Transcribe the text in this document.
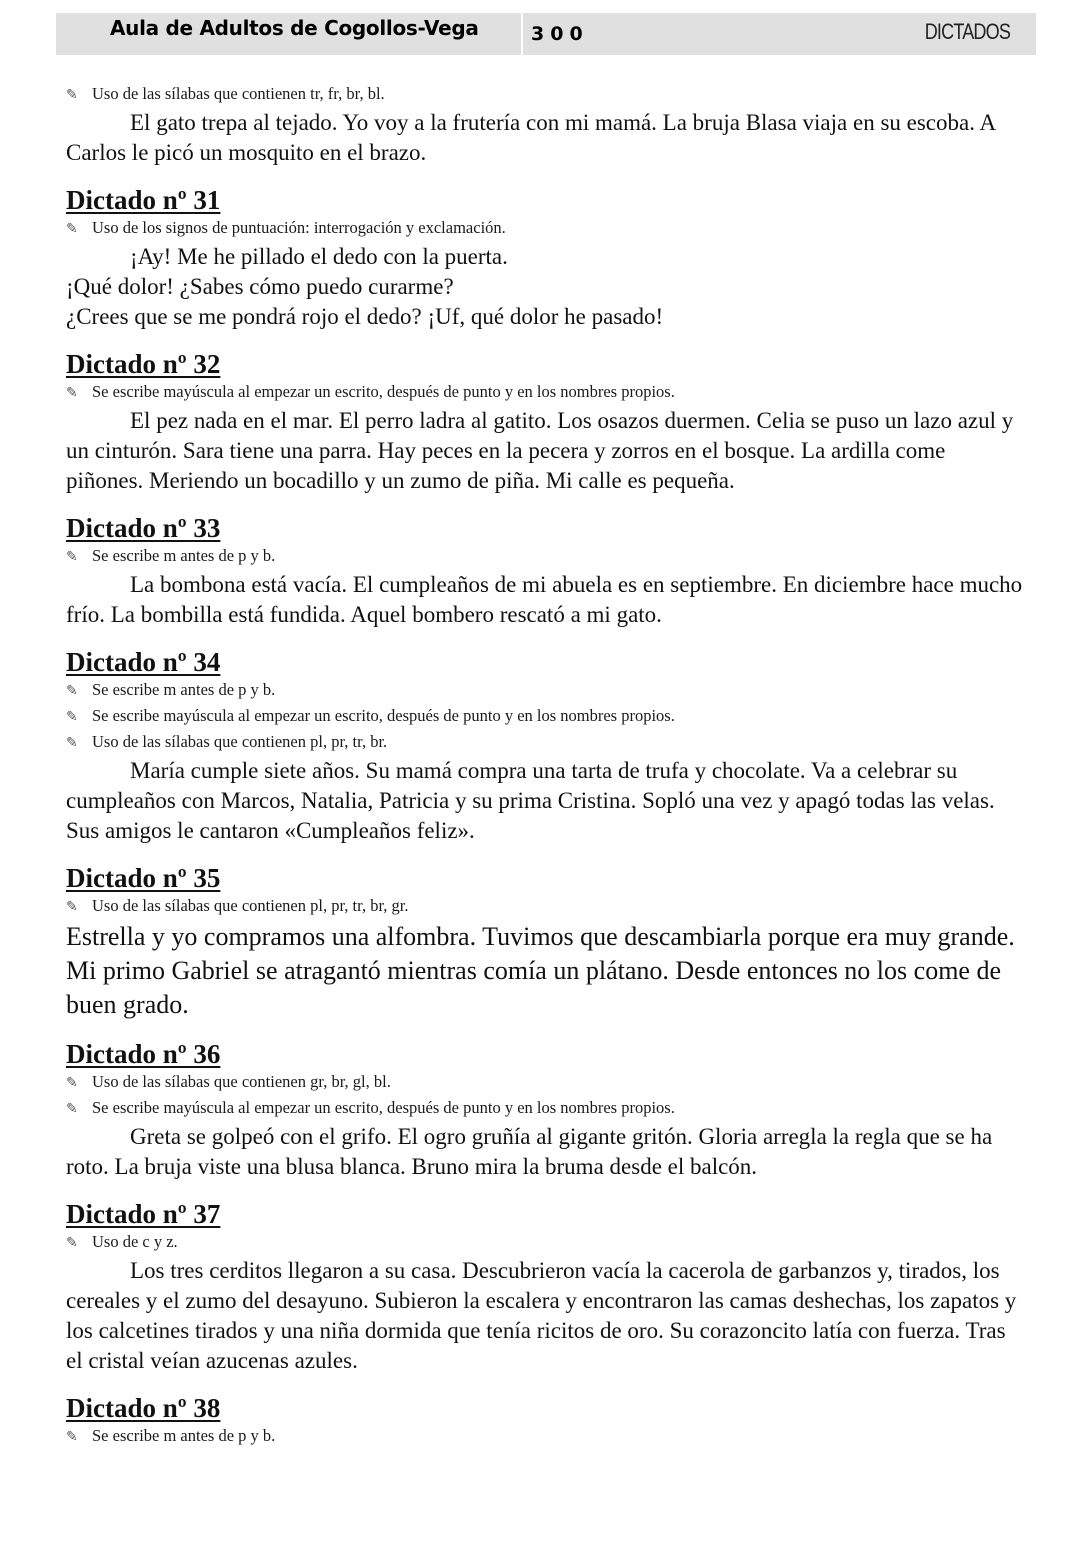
Aula de Adultos de Cogollos-Vega	300	DICTADOS
✎ Uso de las sílabas que contienen tr, fr, br, bl.

El gato trepa al tejado. Yo voy a la frutería con mi mamá. La bruja Blasa viaja en su escoba. A Carlos le picó un mosquito en el brazo.

Dictado nº 31
✎ Uso de los signos de puntuación: interrogación y exclamación.

¡Ay! Me he pillado el dedo con la puerta.
¡Qué dolor! ¿Sabes cómo puedo curarme?
¿Crees que se me pondrá rojo el dedo? ¡Uf, qué dolor he pasado!

Dictado nº 32
✎ Se escribe mayúscula al empezar un escrito, después de punto y en los nombres propios.

El pez nada en el mar. El perro ladra al gatito. Los osazos duermen. Celia se puso un lazo azul y un cinturón. Sara tiene una parra. Hay peces en la pecera y zorros en el bosque. La ardilla come piñones. Meriendo un bocadillo y un zumo de piña. Mi calle es pequeña.

Dictado nº 33
✎ Se escribe m antes de p y b.

La bombona está vacía. El cumpleaños de mi abuela es en septiembre. En diciembre hace mucho frío. La bombilla está fundida. Aquel bombero rescató a mi gato.

Dictado nº 34
✎ Se escribe m antes de p y b.
✎ Se escribe mayúscula al empezar un escrito, después de punto y en los nombres propios.
✎ Uso de las sílabas que contienen pl, pr, tr, br.

María cumple siete años. Su mamá compra una tarta de trufa y chocolate. Va a celebrar su cumpleaños con Marcos, Natalia, Patricia y su prima Cristina. Sopló una vez y apagó todas las velas. Sus amigos le cantaron «Cumpleaños feliz».

Dictado nº 35
✎ Uso de las sílabas que contienen pl, pr, tr, br, gr.

Estrella y yo compramos una alfombra. Tuvimos que descambiarla porque era muy grande. Mi primo Gabriel se atragantó mientras comía un plátano. Desde entonces no los come de buen grado.

Dictado nº 36
✎ Uso de las sílabas que contienen gr, br, gl, bl.
✎ Se escribe mayúscula al empezar un escrito, después de punto y en los nombres propios.

Greta se golpeó con el grifo. El ogro gruñía al gigante gritón. Gloria arregla la regla que se ha roto. La bruja viste una blusa blanca. Bruno mira la bruma desde el balcón.

Dictado nº 37
✎ Uso de c y z.

Los tres cerditos llegaron a su casa. Descubrieron vacía la cacerola de garbanzos y, tirados, los cereales y el zumo del desayuno. Subieron la escalera y encontraron las camas deshechas, los zapatos y los calcetines tirados y una niña dormida que tenía ricitos de oro. Su corazoncito latía con fuerza. Tras el cristal veían azucenas azules.

Dictado nº 38
✎ Se escribe m antes de p y b.
